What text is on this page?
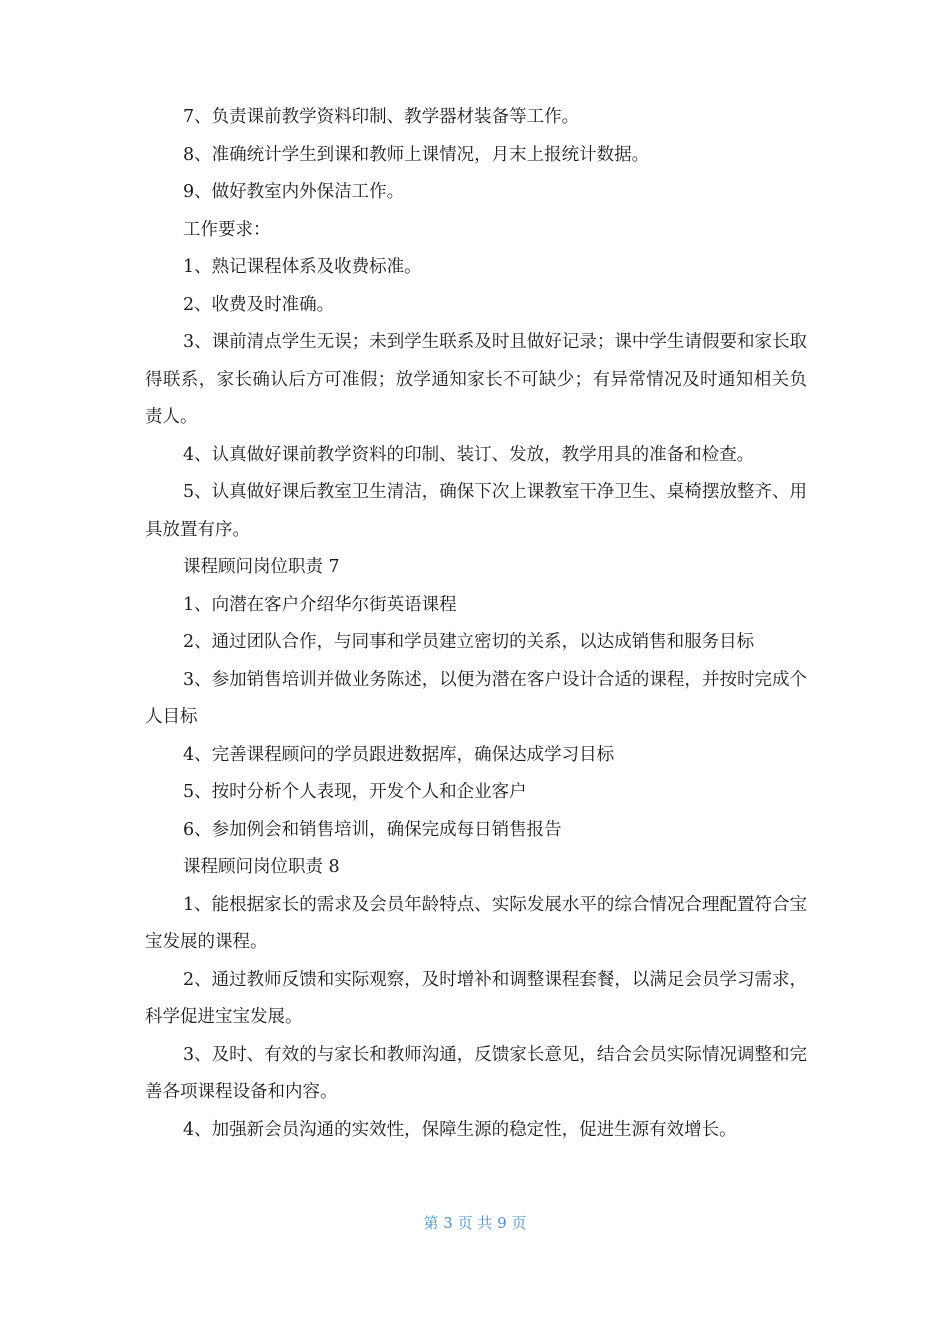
7、负责课前教学资料印制、教学器材装备等工作。

8、准确统计学生到课和教师上课情况，月末上报统计数据。

9、做好教室内外保洁工作。

工作要求：

1、熟记课程体系及收费标准。

2、收费及时准确。

3、课前清点学生无误；未到学生联系及时且做好记录；课中学生请假要和家长取得联系，家长确认后方可准假；放学通知家长不可缺少；有异常情况及时通知相关负责人。

4、认真做好课前教学资料的印制、装订、发放，教学用具的准备和检查。

5、认真做好课后教室卫生清洁，确保下次上课教室干净卫生、桌椅摆放整齐、用具放置有序。

课程顾问岗位职责 7

1、向潜在客户介绍华尔街英语课程

2、通过团队合作，与同事和学员建立密切的关系，以达成销售和服务目标

3、参加销售培训并做业务陈述，以便为潜在客户设计合适的课程，并按时完成个人目标

4、完善课程顾问的学员跟进数据库，确保达成学习目标

5、按时分析个人表现，开发个人和企业客户

6、参加例会和销售培训，确保完成每日销售报告

课程顾问岗位职责 8

1、能根据家长的需求及会员年龄特点、实际发展水平的综合情况合理配置符合宝宝发展的课程。

2、通过教师反馈和实际观察，及时增补和调整课程套餐，以满足会员学习需求，科学促进宝宝发展。

3、及时、有效的与家长和教师沟通，反馈家长意见，结合会员实际情况调整和完善各项课程设备和内容。

4、加强新会员沟通的实效性，保障生源的稳定性，促进生源有效增长。

第 3 页 共 9 页
